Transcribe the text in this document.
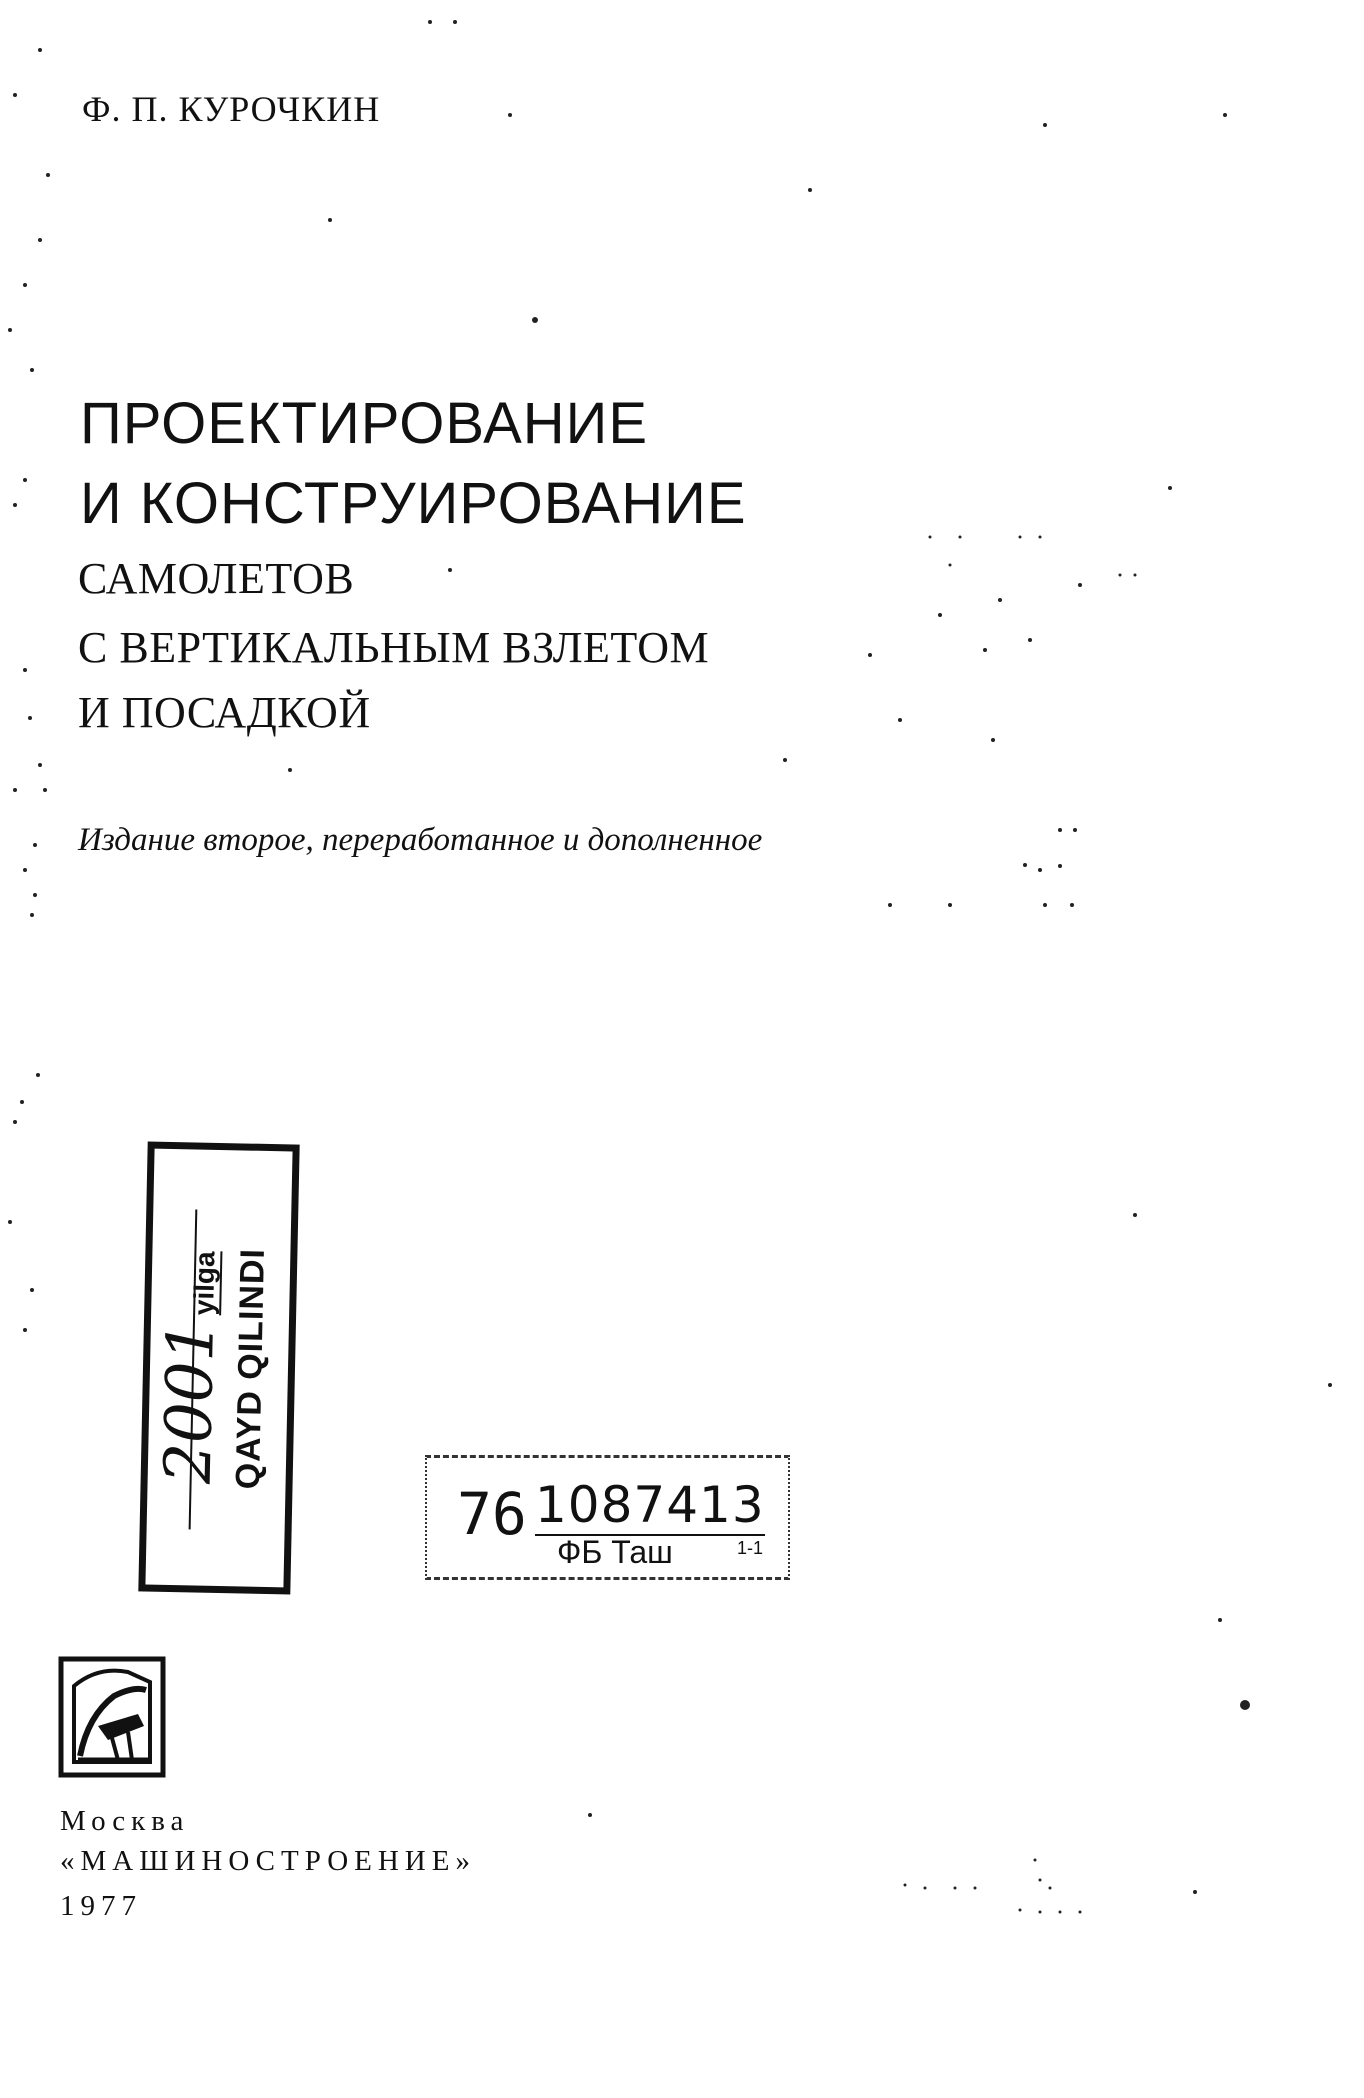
Ф. П. КУРОЧКИН
ПРОЕКТИРОВАНИЕ
И КОНСТРУИРОВАНИЕ
САМОЛЕТОВ
С ВЕРТИКАЛЬНЫМ ВЗЛЕТОМ
И ПОСАДКОЙ
Издание второе, переработанное и дополненное
2001yilga QAYD QILINDI
76 1087413
ФБ Таш	1-1
Москва
«МАШИНОСТРОЕНИЕ»
1977
